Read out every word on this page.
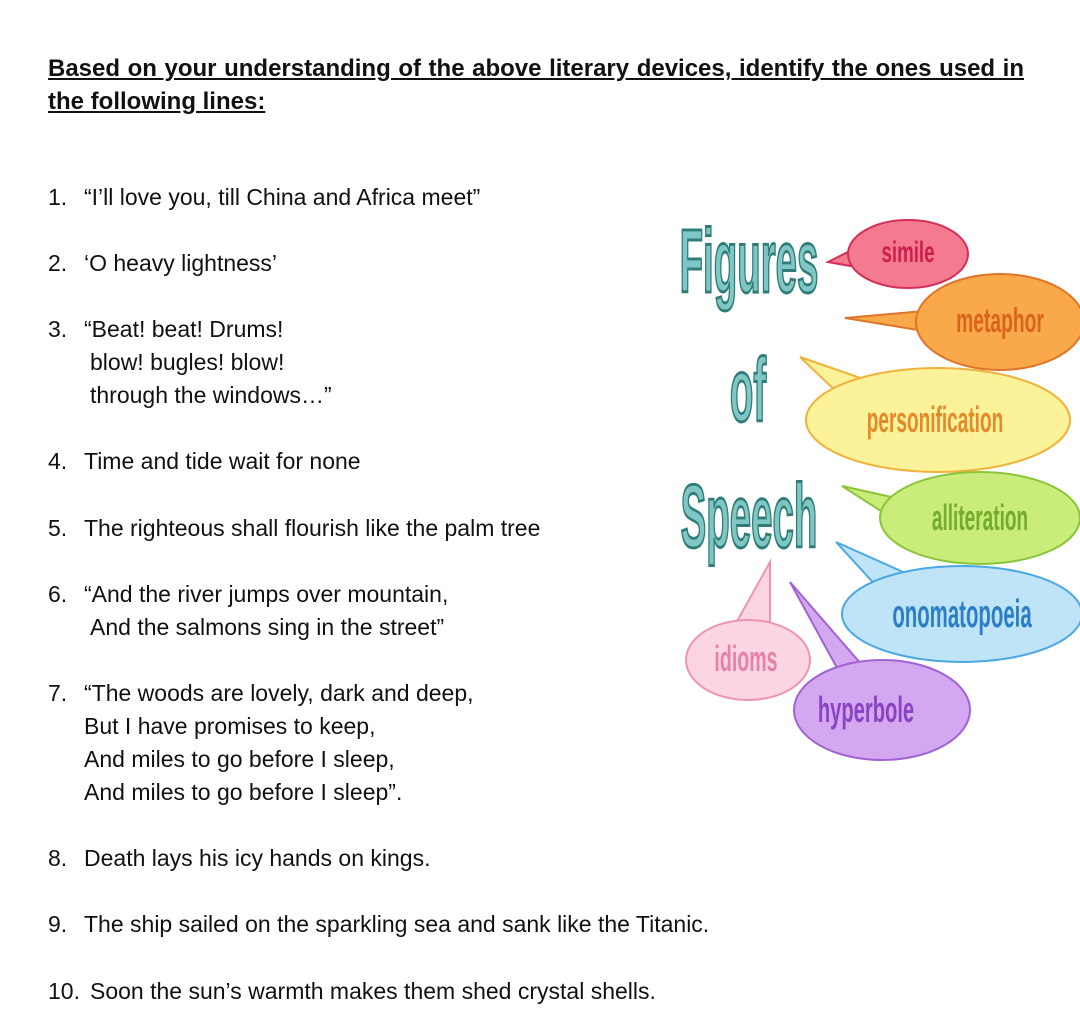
Based on your understanding of the above literary devices, identify the ones used in the following lines:

1. “I’ll love you, till China and Africa meet”
2. ‘O heavy lightness’
3. “Beat! beat! Drums!
blow! bugles! blow!
through the windows…”
4. Time and tide wait for none
5. The righteous shall flourish like the palm tree
6. “And the river jumps over mountain,
And the salmons sing in the street”
7. “The woods are lovely, dark and deep,
But I have promises to keep,
And miles to go before I sleep,
And miles to go before I sleep”.
8. Death lays his icy hands on kings.
9. The ship sailed on the sparkling sea and sank like the Titanic.
10. Soon the sun’s warmth makes them shed crystal shells.
Figures
of
Speech
simile
metaphor
personification
alliteration
onomatopoeia
idioms
hyperbole
